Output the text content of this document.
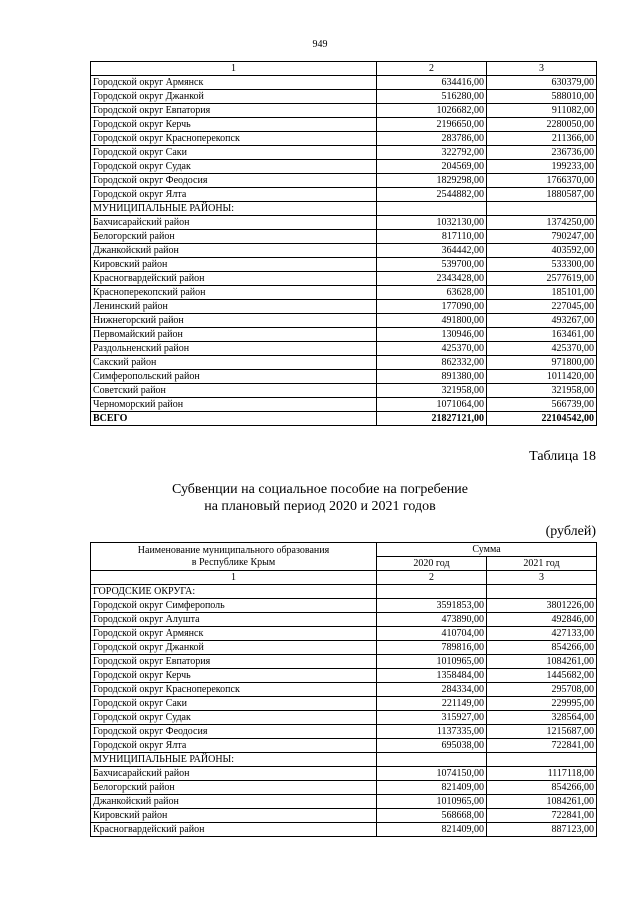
949
1	2	3
Городской округ Армянск	634416,00	630379,00
Городской округ Джанкой	516280,00	588010,00
Городской округ Евпатория	1026682,00	911082,00
Городской округ Керчь	2196650,00	2280050,00
Городской округ Красноперекопск	283786,00	211366,00
Городской округ Саки	322792,00	236736,00
Городской округ Судак	204569,00	199233,00
Городской округ Феодосия	1829298,00	1766370,00
Городской округ Ялта	2544882,00	1880587,00
МУНИЦИПАЛЬНЫЕ РАЙОНЫ:		
Бахчисарайский район	1032130,00	1374250,00
Белогорский район	817110,00	790247,00
Джанкойский район	364442,00	403592,00
Кировский район	539700,00	533300,00
Красногвардейский район	2343428,00	2577619,00
Красноперекопский район	63628,00	185101,00
Ленинский район	177090,00	227045,00
Нижнегорский район	491800,00	493267,00
Первомайский район	130946,00	163461,00
Раздольненский район	425370,00	425370,00
Сакский район	862332,00	971800,00
Симферопольский район	891380,00	1011420,00
Советский район	321958,00	321958,00
Черноморский район	1071064,00	566739,00
ВСЕГО	21827121,00	22104542,00
Таблица 18
Субвенции на социальное пособие на погребение
на плановый период 2020 и 2021 годов
(рублей)
Наименование муниципального образования
в Республике Крым	Сумма	
	2020 год	2021 год
1	2	3
ГОРОДСКИЕ ОКРУГА:		
Городской округ Симферополь	3591853,00	3801226,00
Городской округ Алушта	473890,00	492846,00
Городской округ Армянск	410704,00	427133,00
Городской округ Джанкой	789816,00	854266,00
Городской округ Евпатория	1010965,00	1084261,00
Городской округ Керчь	1358484,00	1445682,00
Городской округ Красноперекопск	284334,00	295708,00
Городской округ Саки	221149,00	229995,00
Городской округ Судак	315927,00	328564,00
Городской округ Феодосия	1137335,00	1215687,00
Городской округ Ялта	695038,00	722841,00
МУНИЦИПАЛЬНЫЕ РАЙОНЫ:		
Бахчисарайский район	1074150,00	1117118,00
Белогорский район	821409,00	854266,00
Джанкойский район	1010965,00	1084261,00
Кировский район	568668,00	722841,00
Красногвардейский район	821409,00	887123,00
